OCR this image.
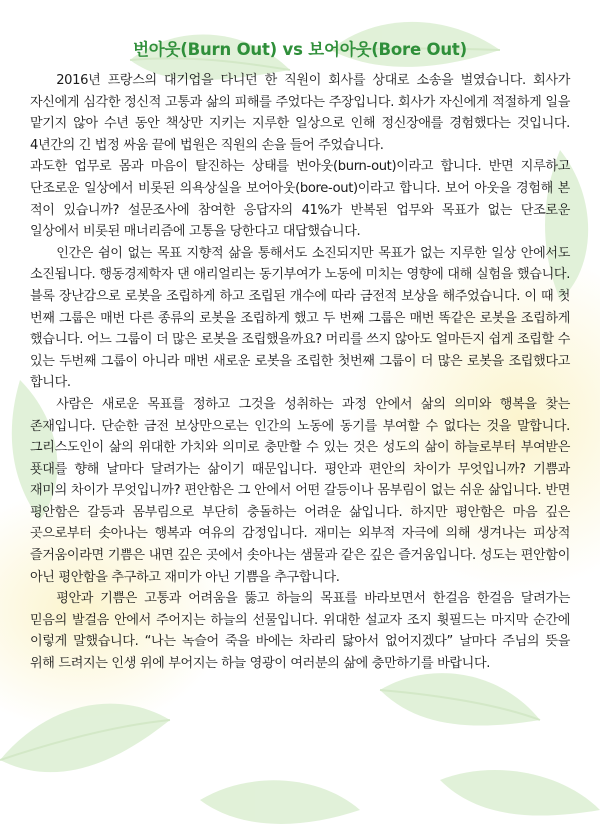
번아웃(Burn Out) vs 보어아웃(Bore Out)

2016년 프랑스의 대기업을 다니던 한 직원이 회사를 상대로 소송을 벌였습니다. 회사가 자신에게 심각한 정신적 고통과 삶의 피해를 주었다는 주장입니다. 회사가 자신에게 적절하게 일을 맡기지 않아 수년 동안 책상만 지키는 지루한 일상으로 인해 정신장애를 경험했다는 것입니다. 4년간의 긴 법정 싸움 끝에 법원은 직원의 손을 들어 주었습니다.

과도한 업무로 몸과 마음이 탈진하는 상태를 번아웃(burn-out)이라고 합니다. 반면 지루하고 단조로운 일상에서 비롯된 의욕상실을 보어아웃(bore-out)이라고 합니다. 보어 아웃을 경험해 본 적이 있습니까? 설문조사에 참여한 응답자의 41%가 반복된 업무와 목표가 없는 단조로운 일상에서 비롯된 매너리즘에 고통을 당한다고 대답했습니다.

인간은 쉼이 없는 목표 지향적 삶을 통해서도 소진되지만 목표가 없는 지루한 일상 안에서도 소진됩니다. 행동경제학자 댄 애리얼리는 동기부여가 노동에 미치는 영향에 대해 실험을 했습니다. 블록 장난감으로 로봇을 조립하게 하고 조립된 개수에 따라 금전적 보상을 해주었습니다. 이 때 첫 번째 그룹은 매번 다른 종류의 로봇을 조립하게 했고 두 번째 그룹은 매번 똑같은 로봇을 조립하게 했습니다. 어느 그룹이 더 많은 로봇을 조립했을까요? 머리를 쓰지 않아도 얼마든지 쉽게 조립할 수 있는 두번째 그룹이 아니라 매번 새로운 로봇을 조립한 첫번째 그룹이 더 많은 로봇을 조립했다고 합니다.

사람은 새로운 목표를 정하고 그것을 성취하는 과정 안에서 삶의 의미와 행복을 찾는 존재입니다. 단순한 금전 보상만으로는 인간의 노동에 동기를 부여할 수 없다는 것을 말합니다. 그리스도인이 삶의 위대한 가치와 의미로 충만할 수 있는 것은 성도의 삶이 하늘로부터 부여받은 푯대를 향해 날마다 달려가는 삶이기 때문입니다. 평안과 편안의 차이가 무엇입니까? 기쁨과 재미의 차이가 무엇입니까? 편안함은 그 안에서 어떤 갈등이나 몸부림이 없는 쉬운 삶입니다. 반면 평안함은 갈등과 몸부림으로 부단히 충돌하는 어려운 삶입니다. 하지만 평안함은 마음 깊은 곳으로부터 솟아나는 행복과 여유의 감정입니다. 재미는 외부적 자극에 의해 생겨나는 피상적 즐거움이라면 기쁨은 내면 깊은 곳에서 솟아나는 샘물과 같은 깊은 즐거움입니다. 성도는 편안함이 아닌 평안함을 추구하고 재미가 아닌 기쁨을 추구합니다.

평안과 기쁨은 고통과 어려움을 뚫고 하늘의 목표를 바라보면서 한걸음 한걸음 달려가는 믿음의 발걸음 안에서 주어지는 하늘의 선물입니다. 위대한 설교자 조지 휫필드는 마지막 순간에 이렇게 말했습니다. “나는 녹슬어 죽을 바에는 차라리 닳아서 없어지겠다” 날마다 주님의 뜻을 위해 드려지는 인생 위에 부어지는 하늘 영광이 여러분의 삶에 충만하기를 바랍니다.
